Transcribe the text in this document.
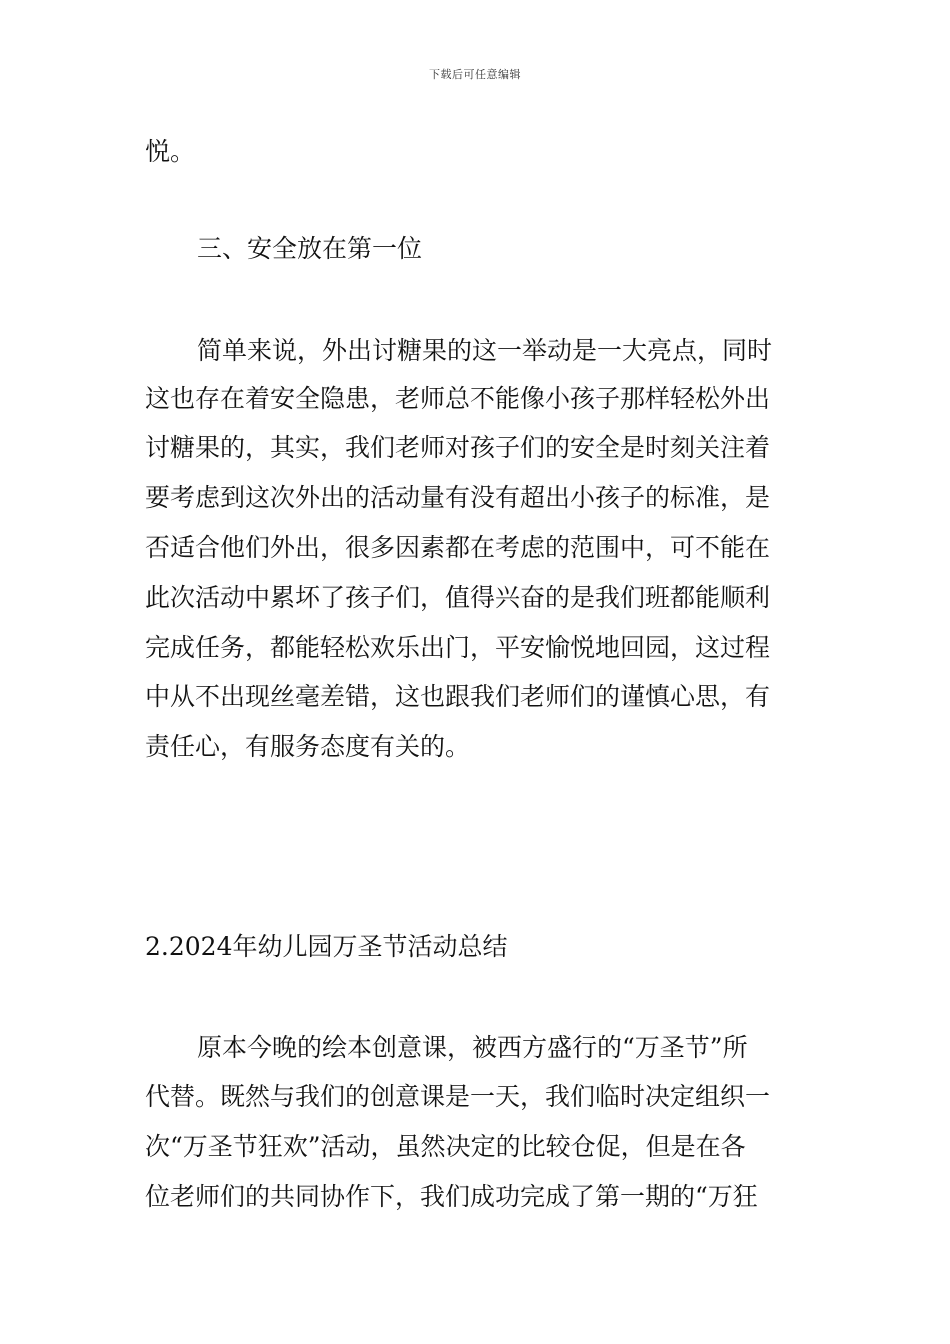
下载后可任意编辑
悦。
三、安全放在第一位
简单来说，外出讨糖果的这一举动是一大亮点，同时
这也存在着安全隐患，老师总不能像小孩子那样轻松外出
讨糖果的，其实，我们老师对孩子们的安全是时刻关注着
要考虑到这次外出的活动量有没有超出小孩子的标准，是
否适合他们外出，很多因素都在考虑的范围中，可不能在
此次活动中累坏了孩子们，值得兴奋的是我们班都能顺利
完成任务，都能轻松欢乐出门，平安愉悦地回园，这过程
中从不出现丝毫差错，这也跟我们老师们的谨慎心思，有
责任心，有服务态度有关的。
2.2024年幼儿园万圣节活动总结
原本今晚的绘本创意课，被西方盛行的“万圣节”所
代替。既然与我们的创意课是一天，我们临时决定组织一
次“万圣节狂欢”活动，虽然决定的比较仓促，但是在各
位老师们的共同协作下，我们成功完成了第一期的“万狂
